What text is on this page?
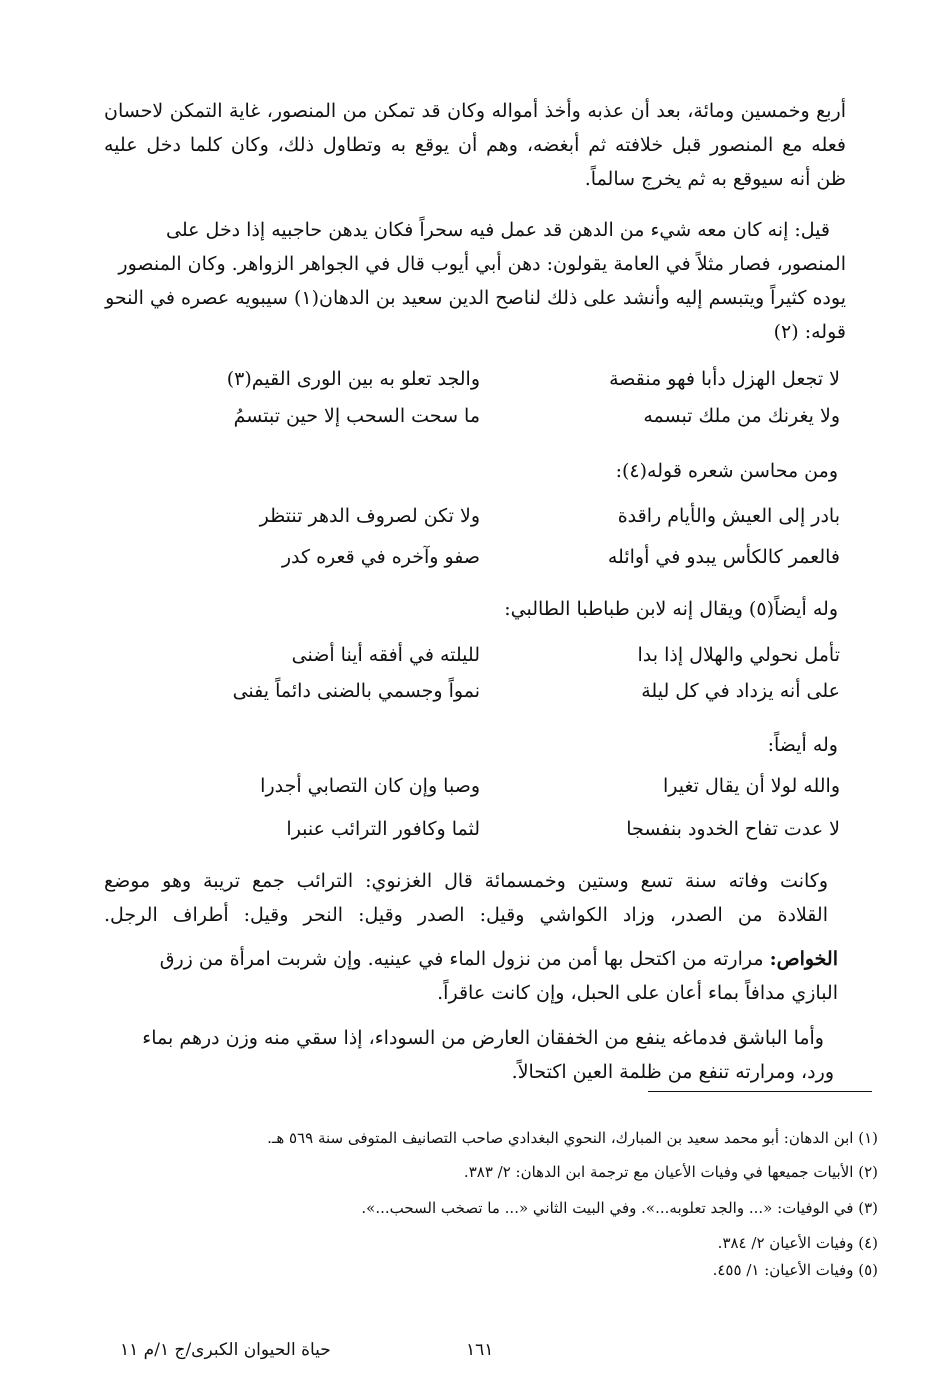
أربع وخمسين ومائة، بعد أن عذبه وأخذ أمواله وكان قد تمكن من المنصور، غاية التمكن لاحسان
فعله مع المنصور قبل خلافته ثم أبغضه، وهم أن يوقع به وتطاول ذلك، وكان كلما دخل عليه
ظن أنه سيوقع به ثم يخرج سالماً.
قيل: إنه كان معه شيء من الدهن قد عمل فيه سحراً فكان يدهن حاجبيه إذا دخل على
المنصور، فصار مثلاً في العامة يقولون: دهن أبي أيوب قال في الجواهر الزواهر. وكان المنصور
يوده كثيراً ويتبسم إليه وأنشد على ذلك لناصح الدين سعيد بن الدهان(١) سيبويه عصره في النحو
قوله: (٢)
لا تجعل الهزل دأبا فهو منقصة
والجد تعلو به بين الورى القيم(٣)
ولا يغرنك من ملك تبسمه
ما سحت السحب إلا حين تبتسمُ
ومن محاسن شعره قوله(٤):
بادر إلى العيش والأيام راقدة
ولا تكن لصروف الدهر تنتظر
فالعمر كالكأس يبدو في أوائله
صفو وآخره في قعره كدر
وله أيضاً(٥) ويقال إنه لابن طباطبا الطالبي:
تأمل نحولي والهلال إذا بدا
لليلته في أفقه أينا أضنى
على أنه يزداد في كل ليلة
نمواً وجسمي بالضنى دائماً يفنى
وله أيضاً:
والله لولا أن يقال تغيرا
وصبا وإن كان التصابي أجدرا
لا عدت تفاح الخدود بنفسجا
لثما وكافور الترائب عنبرا
وكانت وفاته سنة تسع وستين وخمسمائة قال الغزنوي: الترائب جمع تريبة وهو موضع
القلادة من الصدر، وزاد الكواشي وقيل: الصدر وقيل: النحر وقيل: أطراف الرجل.
الخواص: مرارته من اكتحل بها أمن من نزول الماء في عينيه. وإن شربت امرأة من زرق
البازي مدافاً بماء أعان على الحبل، وإن كانت عاقراً.
وأما الباشق فدماغه ينفع من الخفقان العارض من السوداء، إذا سقي منه وزن درهم بماء
ورد، ومرارته تنفع من ظلمة العين اكتحالاً.
(١) ابن الدهان: أبو محمد سعيد بن المبارك، النحوي البغدادي صاحب التصانيف المتوفى سنة ٥٦٩ هـ.
(٢) الأبيات جميعها في وفيات الأعيان مع ترجمة ابن الدهان: ٢/ ٣٨٣.
(٣) في الوفيات: «... والجد تعلوبه...». وفي البيت الثاني «... ما تصخب السحب...».
(٤) وفيات الأعيان ٢/ ٣٨٤.
(٥) وفيات الأعيان: ١/ ٤٥٥.
١٦١
حياة الحيوان الكبرى/ج ١/م ١١
